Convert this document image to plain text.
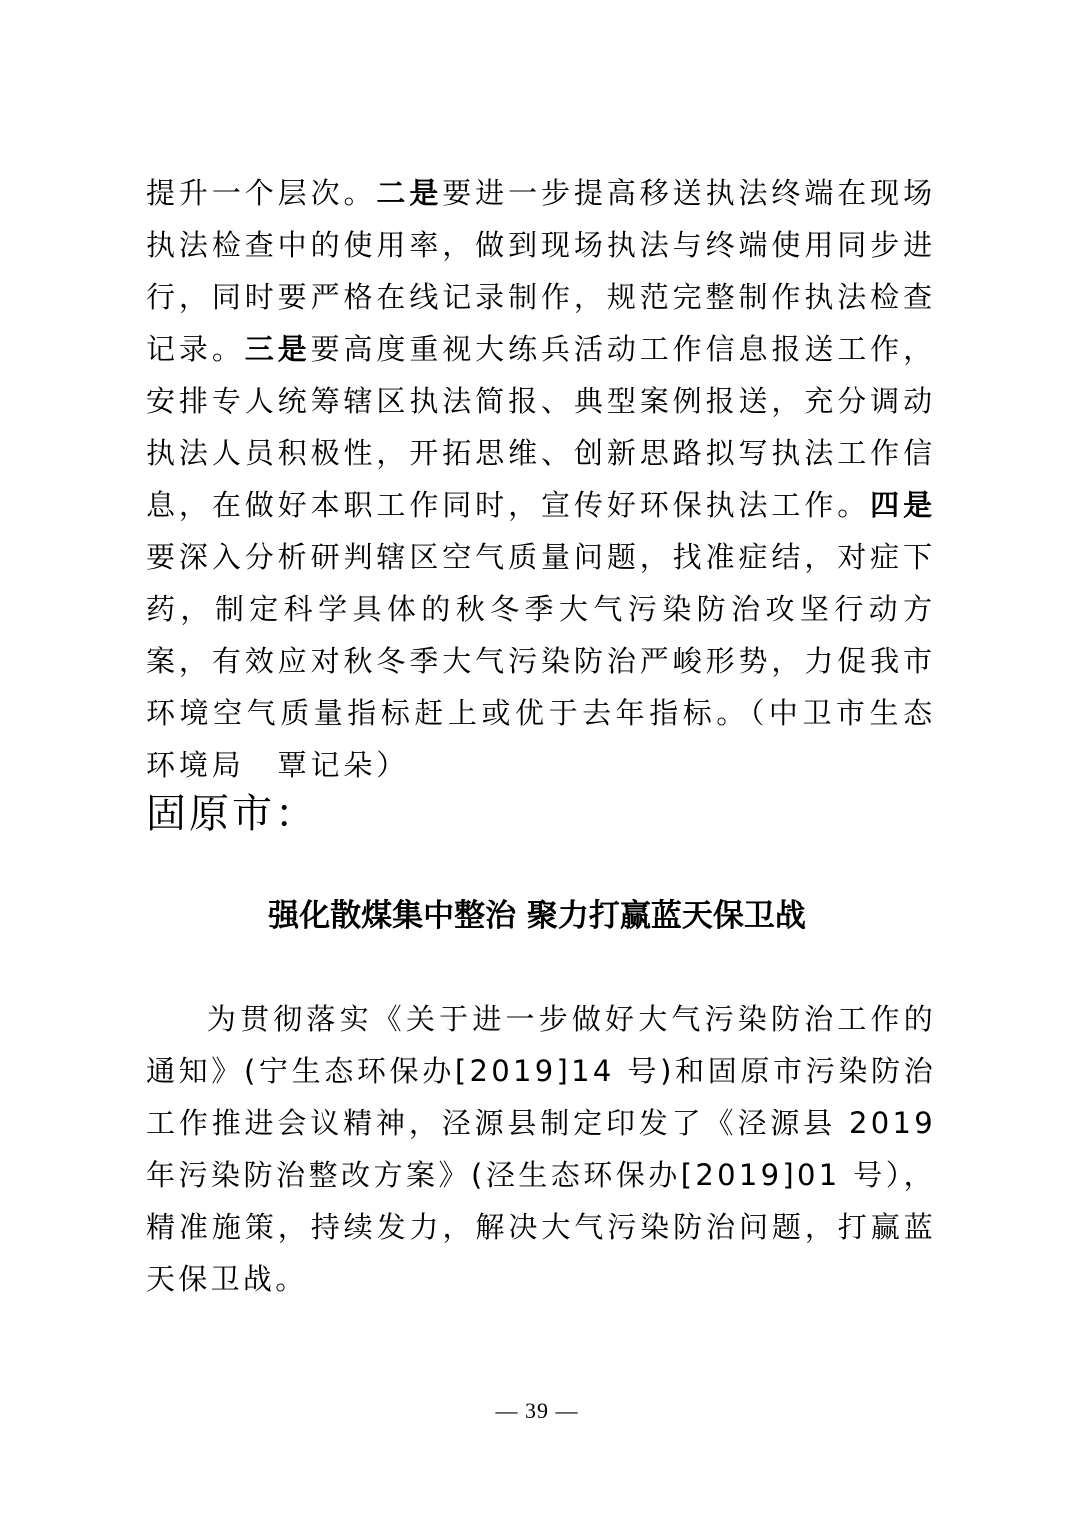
提升一个层次。二是要进一步提高移送执法终端在现场执法检查中的使用率，做到现场执法与终端使用同步进行，同时要严格在线记录制作，规范完整制作执法检查记录。三是要高度重视大练兵活动工作信息报送工作，安排专人统筹辖区执法简报、典型案例报送，充分调动执法人员积极性，开拓思维、创新思路拟写执法工作信息，在做好本职工作同时，宣传好环保执法工作。四是要深入分析研判辖区空气质量问题，找准症结，对症下药，制定科学具体的秋冬季大气污染防治攻坚行动方案，有效应对秋冬季大气污染防治严峻形势，力促我市环境空气质量指标赶上或优于去年指标。（中卫市生态环境局　覃记朵）

固原市：
强化散煤集中整治 聚力打赢蓝天保卫战

为贯彻落实《关于进一步做好大气污染防治工作的通知》(宁生态环保办[2019]14 号)和固原市污染防治工作推进会议精神，泾源县制定印发了《泾源县 2019 年污染防治整改方案》(泾生态环保办[2019]01 号），精准施策，持续发力，解决大气污染防治问题，打赢蓝天保卫战。

— 39 —
